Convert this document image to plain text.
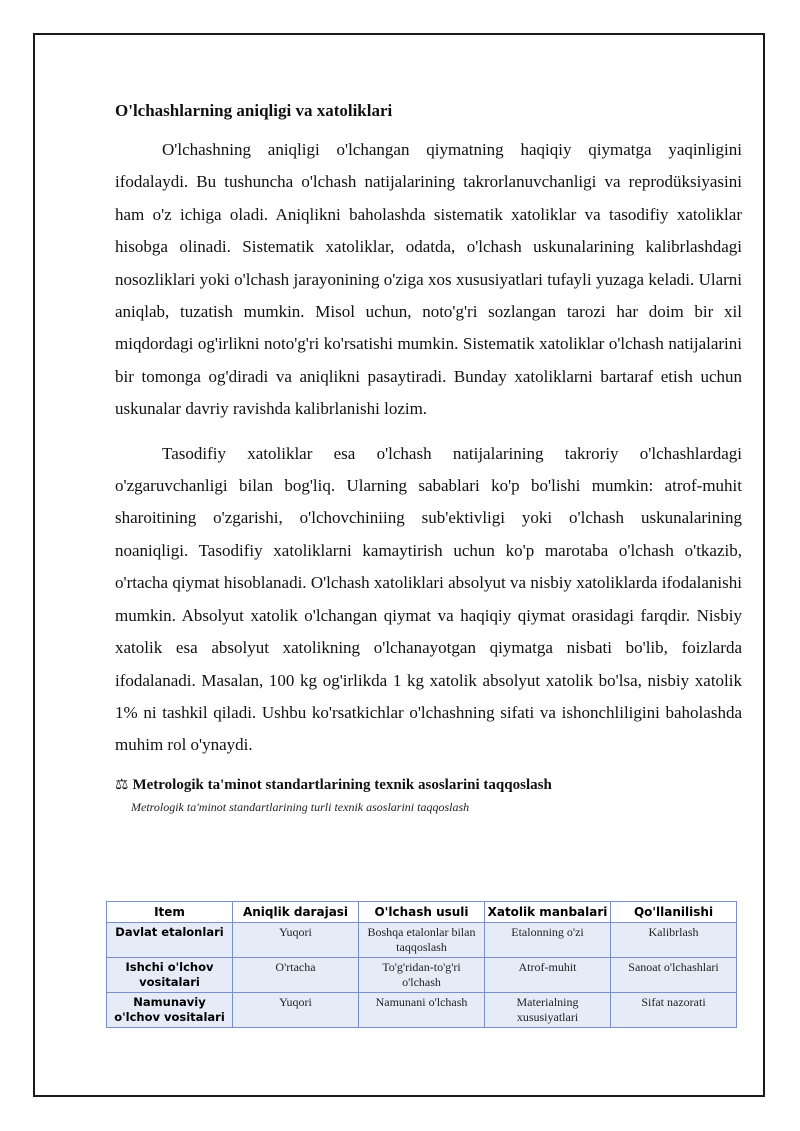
O'lchashlarning aniqligi va xatoliklari

O'lchashning aniqligi o'lchangan qiymatning haqiqiy qiymatga yaqinligini ifodalaydi. Bu tushuncha o'lchash natijalarining takrorlanuvchanligi va reprodüksiyasini ham o'z ichiga oladi. Aniqlikni baholashda sistematik xatoliklar va tasodifiy xatoliklar hisobga olinadi. Sistematik xatoliklar, odatda, o'lchash uskunalarining kalibrlashdagi nosozliklari yoki o'lchash jarayonining o'ziga xos xususiyatlari tufayli yuzaga keladi. Ularni aniqlab, tuzatish mumkin. Misol uchun, noto'g'ri sozlangan tarozi har doim bir xil miqdordagi og'irlikni noto'g'ri ko'rsatishi mumkin. Sistematik xatoliklar o'lchash natijalarini bir tomonga og'diradi va aniqlikni pasaytiradi. Bunday xatoliklarni bartaraf etish uchun uskunalar davriy ravishda kalibrlanishi lozim.

Tasodifiy xatoliklar esa o'lchash natijalarining takroriy o'lchashlardagi o'zgaruvchanligi bilan bog'liq. Ularning sabablari ko'p bo'lishi mumkin: atrof-muhit sharoitining o'zgarishi, o'lchovchiniing sub'ektivligi yoki o'lchash uskunalarining noaniqligi. Tasodifiy xatoliklarni kamaytirish uchun ko'p marotaba o'lchash o'tkazib, o'rtacha qiymat hisoblanadi. O'lchash xatoliklari absolyut va nisbiy xatoliklarda ifodalanishi mumkin. Absolyut xatolik o'lchangan qiymat va haqiqiy qiymat orasidagi farqdir. Nisbiy xatolik esa absolyut xatolikning o'lchanayotgan qiymatga nisbati bo'lib, foizlarda ifodalanadi. Masalan, 100 kg og'irlikda 1 kg xatolik absolyut xatolik bo'lsa, nisbiy xatolik 1% ni tashkil qiladi. Ushbu ko'rsatkichlar o'lchashning sifati va ishonchliligini baholashda muhim rol o'ynaydi.

⚖ Metrologik ta'minot standartlarining texnik asoslarini taqqoslash
Metrologik ta'minot standartlarining turli texnik asoslarini taqqoslash
Item	Aniqlik darajasi	O'lchash usuli	Xatolik manbalari	Qo'llanilishi
Davlat etalonlari	Yuqori	Boshqa etalonlar bilan taqqoslash	Etalonning o'zi	Kalibrlash
Ishchi o'lchov vositalari	O'rtacha	To'g'ridan-to'g'ri o'lchash	Atrof-muhit	Sanoat o'lchashlari
Namunaviy o'lchov vositalari	Yuqori	Namunani o'lchash	Materialning xususiyatlari	Sifat nazorati
